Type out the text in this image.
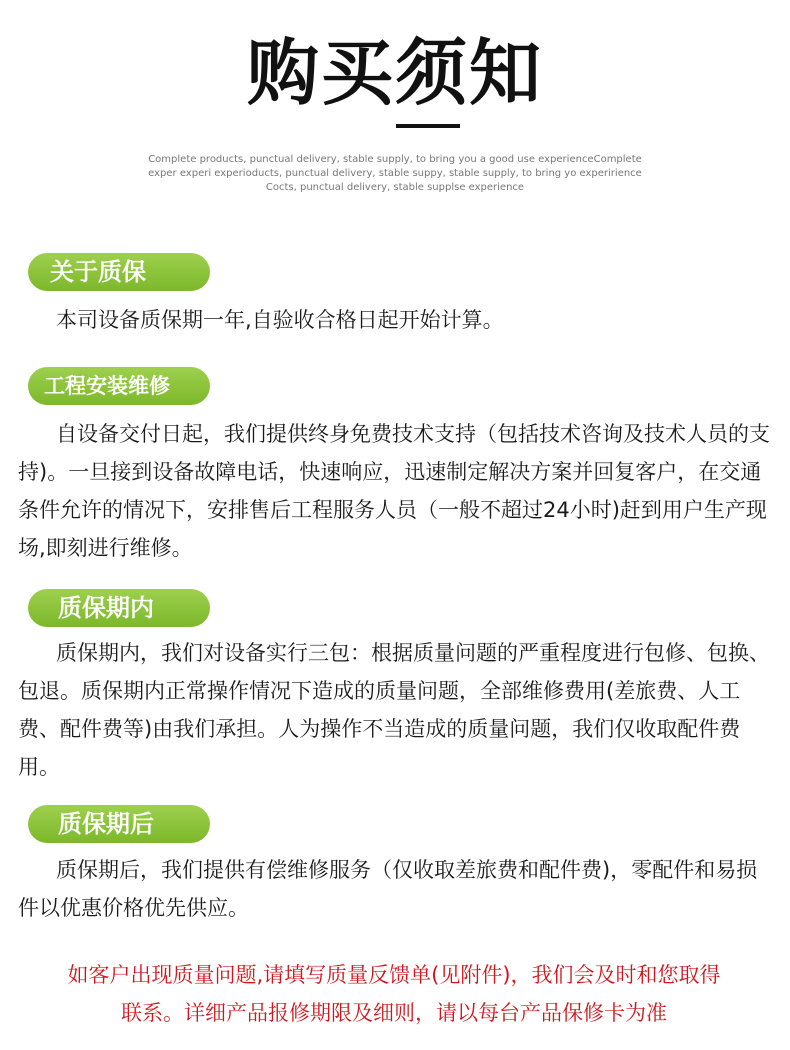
购买须知
Complete products, punctual delivery, stable supply, to bring you a good use experienceComplete
exper experi experioducts, punctual delivery, stable suppy, stable supply, to bring yo experirience
Cocts, punctual delivery, stable supplse experience
关于质保
本司设备质保期一年,自验收合格日起开始计算。
工程安装维修
自设备交付日起，我们提供终身免费技术支持（包括技术咨询及技术人员的支持)。一旦接到设备故障电话，快速响应，迅速制定解决方案并回复客户，在交通条件允许的情况下，安排售后工程服务人员（一般不超过24小时)赶到用户生产现场,即刻进行维修。
质保期内
质保期内，我们对设备实行三包：根据质量问题的严重程度进行包修、包换、包退。质保期内正常操作情况下造成的质量问题，全部维修费用(差旅费、人工费、配件费等)由我们承担。人为操作不当造成的质量问题，我们仅收取配件费用。
质保期后
质保期后，我们提供有偿维修服务（仅收取差旅费和配件费)，零配件和易损件以优惠价格优先供应。
如客户出现质量问题,请填写质量反馈单(见附件)，我们会及时和您取得
联系。详细产品报修期限及细则，请以每台产品保修卡为准
